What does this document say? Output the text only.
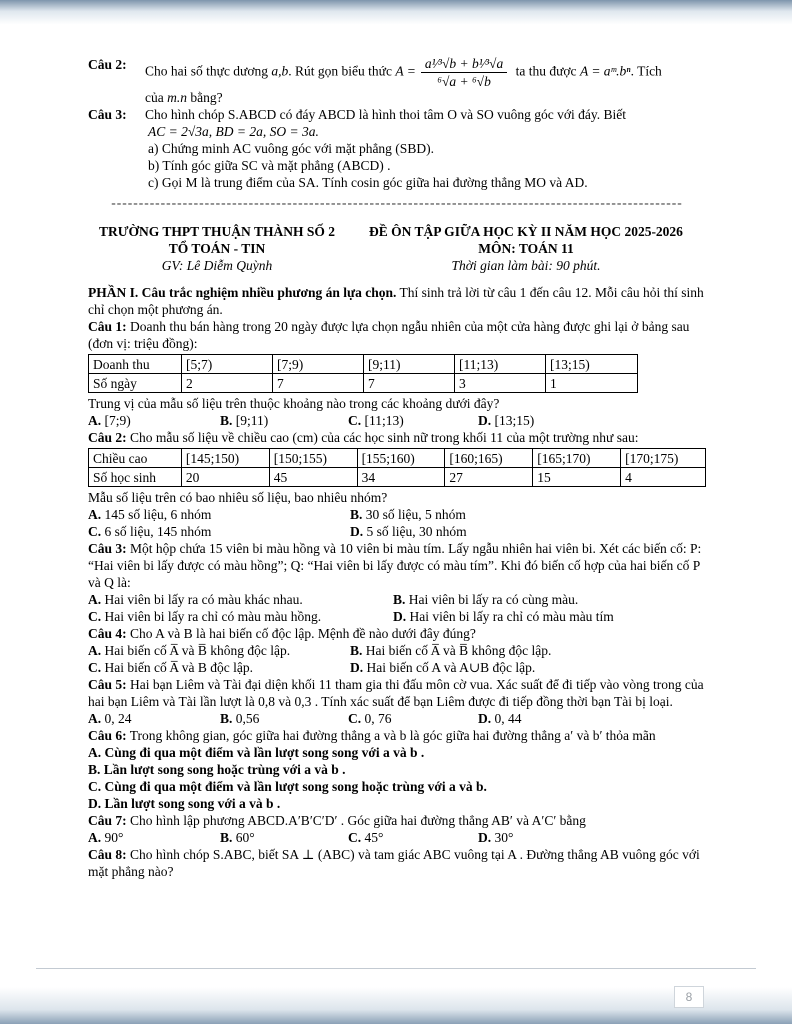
Câu 2:	Cho hai số thực dương a,b. Rút gọn biểu thức $A = \frac{\text{a¹⁄³√b + b¹⁄³√a}}{\text{⁶√a + ⁶√b}}$ ta thu được A = aᵐ.bⁿ. Tích

của m.n bằng?

Câu 3:	Cho hình chóp S.ABCD có đáy ABCD là hình thoi tâm O và SO vuông góc với đáy. Biết

AC = 2√3a, BD = 2a, SO = 3a.

a) Chứng minh AC vuông góc với mặt phẳng (SBD).

b) Tính góc giữa SC và mặt phẳng (ABCD) .

c) Gọi M là trung điểm của SA. Tính cosin góc giữa hai đường thẳng MO và AD.

--------------------------------------------------------------------------------------------------------

TRƯỜNG THPT THUẬN THÀNH SỐ 2

TỔ TOÁN - TIN

GV: Lê Diễm Quỳnh

ĐỀ ÔN TẬP GIỮA HỌC KỲ II NĂM HỌC 2025-2026

MÔN: TOÁN 11

Thời gian làm bài: 90 phút.

PHẦN I. Câu trắc nghiệm nhiều phương án lựa chọn. Thí sinh trả lời từ câu 1 đến câu 12. Mỗi câu hỏi thí sinh chỉ chọn một phương án.

Câu 1: Doanh thu bán hàng trong 20 ngày được lựa chọn ngẫu nhiên của một cửa hàng được ghi lại ở bảng sau (đơn vị: triệu đồng):

Doanh thu	[5;7)	[7;9)	[9;11)	[11;13)	[13;15)
Số ngày	2	7	7	3	1

Trung vị của mẫu số liệu trên thuộc khoảng nào trong các khoảng dưới đây?

A. [7;9)	B. [9;11)	C. [11;13)	D. [13;15)

Câu 2: Cho mẫu số liệu về chiều cao (cm) của các học sinh nữ trong khối 11 của một trường như sau:

Chiều cao	[145;150)	[150;155)	[155;160)	[160;165)	[165;170)	[170;175)
Số học sinh	20	45	34	27	15	4

Mẫu số liệu trên có bao nhiêu số liệu, bao nhiêu nhóm?

A. 145 số liệu, 6 nhóm	B. 30 số liệu, 5 nhóm
C. 6 số liệu, 145 nhóm	D. 5 số liệu, 30 nhóm

Câu 3: Một hộp chứa 15 viên bi màu hồng và 10 viên bi màu tím. Lấy ngẫu nhiên hai viên bi. Xét các biến cố: P: “Hai viên bi lấy được có màu hồng”; Q: “Hai viên bi lấy được có màu tím”. Khi đó biến cố hợp của hai biến cố P và Q là:

A. Hai viên bi lấy ra có màu khác nhau.	B. Hai viên bi lấy ra có cùng màu.
C. Hai viên bi lấy ra chỉ có màu màu hồng.	D. Hai viên bi lấy ra chỉ có màu màu tím

Câu 4: Cho A và B là hai biến cố độc lập. Mệnh đề nào dưới đây đúng?

A. Hai biến cố A̅ và B̅ không độc lập.	B. Hai biến cố A̅ và B̅ không độc lập.
C. Hai biến cố A̅ và B độc lập.	D. Hai biến cố A và A∪B độc lập.

Câu 5: Hai bạn Liêm và Tài đại diện khối 11 tham gia thi đấu môn cờ vua. Xác suất để đi tiếp vào vòng trong của hai bạn Liêm và Tài lần lượt là 0,8 và 0,3 . Tính xác suất để bạn Liêm được đi tiếp đồng thời bạn Tài bị loại.

A. 0, 24	B. 0,56	C. 0, 76	D. 0, 44

Câu 6: Trong không gian, góc giữa hai đường thẳng a và b là góc giữa hai đường thẳng a′ và b′ thỏa mãn

A. Cùng đi qua một điểm và lần lượt song song với a và b .

B. Lần lượt song song hoặc trùng với a và b .

C. Cùng đi qua một điểm và lần lượt song song hoặc trùng với a và b.

D. Lần lượt song song với a và b .

Câu 7: Cho hình lập phương ABCD.A′B′C′D′ . Góc giữa hai đường thẳng AB′ và A′C′ bằng

A. 90°	B. 60°	C. 45°	D. 30°

Câu 8: Cho hình chóp S.ABC, biết SA ⊥ (ABC) và tam giác ABC vuông tại A . Đường thẳng AB vuông góc với mặt phẳng nào?

8
